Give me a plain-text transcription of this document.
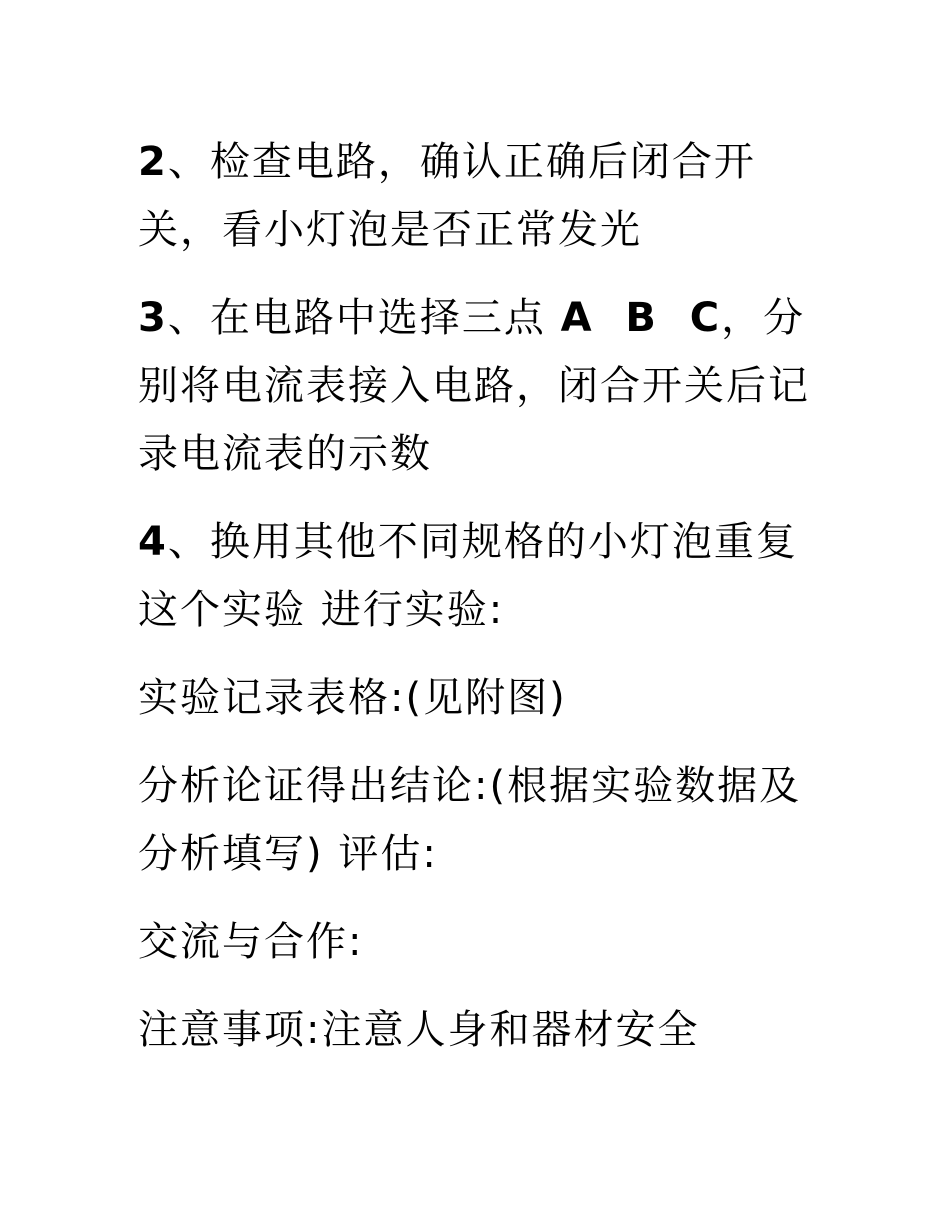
2、检查电路，确认正确后闭合开关，看小灯泡是否正常发光

3、在电路中选择三点 A  B  C，分别将电流表接入电路，闭合开关后记录电流表的示数

4、换用其他不同规格的小灯泡重复这个实验 进行实验:

实验记录表格:(见附图)

分析论证得出结论:(根据实验数据及分析填写) 评估:

交流与合作:

注意事项:注意人身和器材安全
